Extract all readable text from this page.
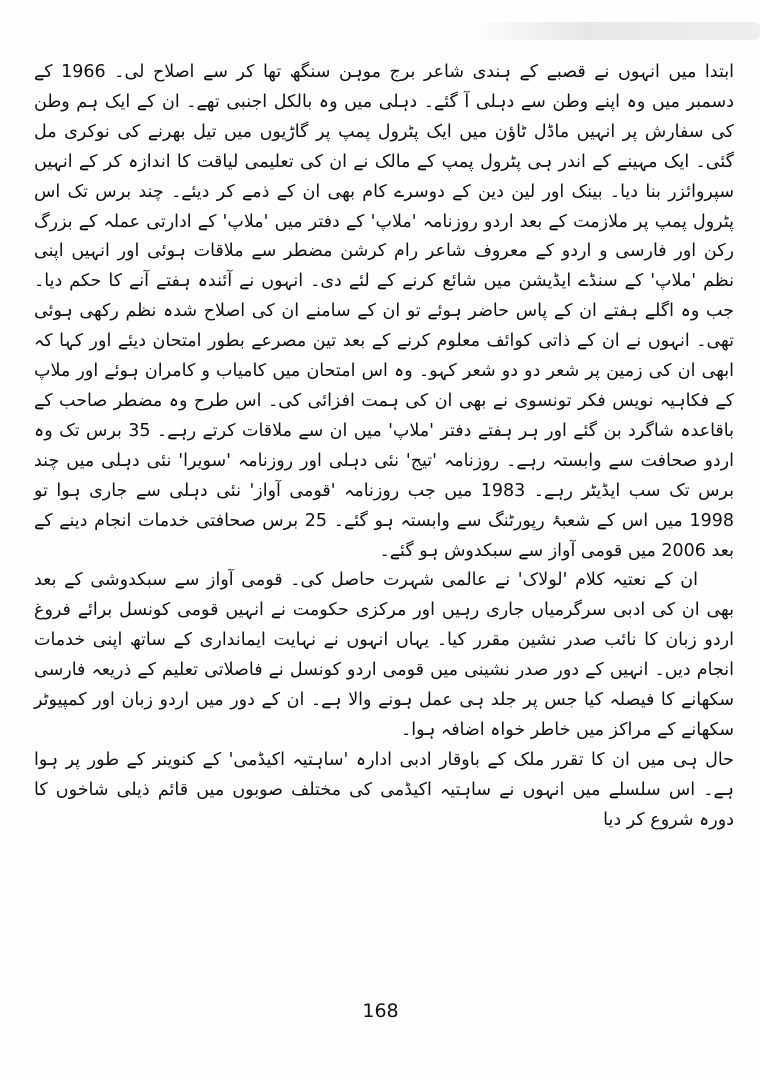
ابتدا میں انہوں نے قصبے کے ہندی شاعر برج موہن سنگھ تھا کر سے اصلاح لی۔ 1966 کے دسمبر میں وہ اپنے وطن سے دہلی آ گئے۔ دہلی میں وہ بالکل اجنبی تھے۔ ان کے ایک ہم وطن کی سفارش پر انہیں ماڈل ٹاؤن میں ایک پٹرول پمپ پر گاڑیوں میں تیل بھرنے کی نوکری مل گئی۔ ایک مہینے کے اندر ہی پٹرول پمپ کے مالک نے ان کی تعلیمی لیاقت کا اندازہ کر کے انہیں سپروائزر بنا دیا۔ بینک اور لین دین کے دوسرے کام بھی ان کے ذمے کر دیئے۔ چند برس تک اس پٹرول پمپ پر ملازمت کے بعد اردو روزنامہ 'ملاپ' کے دفتر میں 'ملاپ' کے ادارتی عملہ کے بزرگ رکن اور فارسی و اردو کے معروف شاعر رام کرشن مضطر سے ملاقات ہوئی اور انہیں اپنی نظم 'ملاپ' کے سنڈے ایڈیشن میں شائع کرنے کے لئے دی۔ انہوں نے آئندہ ہفتے آنے کا حکم دیا۔ جب وہ اگلے ہفتے ان کے پاس حاضر ہوئے تو ان کے سامنے ان کی اصلاح شدہ نظم رکھی ہوئی تھی۔ انہوں نے ان کے ذاتی کوائف معلوم کرنے کے بعد تین مصرعے بطور امتحان دیئے اور کہا کہ ابھی ان کی زمین پر شعر دو دو شعر کہو۔ وہ اس امتحان میں کامیاب و کامران ہوئے اور ملاپ کے فکاہیہ نویس فکر تونسوی نے بھی ان کی ہمت افزائی کی۔ اس طرح وہ مضطر صاحب کے باقاعدہ شاگرد بن گئے اور ہر ہفتے دفتر 'ملاپ' میں ان سے ملاقات کرتے رہے۔ 35 برس تک وہ اردو صحافت سے وابستہ رہے۔ روزنامہ 'تیج' نئی دہلی اور روزنامہ 'سویرا' نئی دہلی میں چند برس تک سب ایڈیٹر رہے۔ 1983 میں جب روزنامہ 'قومی آواز' نئی دہلی سے جاری ہوا تو 1998 میں اس کے شعبۂ رپورٹنگ سے وابستہ ہو گئے۔ 25 برس صحافتی خدمات انجام دینے کے بعد 2006 میں قومی آواز سے سبکدوش ہو گئے۔

ان کے نعتیہ کلام 'لولاک' نے عالمی شہرت حاصل کی۔ قومی آواز سے سبکدوشی کے بعد بھی ان کی ادبی سرگرمیاں جاری رہیں اور مرکزی حکومت نے انہیں قومی کونسل برائے فروغ اردو زبان کا نائب صدر نشین مقرر کیا۔ یہاں انہوں نے نہایت ایمانداری کے ساتھ اپنی خدمات انجام دیں۔ انہیں کے دور صدر نشینی میں قومی اردو کونسل نے فاصلاتی تعلیم کے ذریعہ فارسی سکھانے کا فیصلہ کیا جس پر جلد ہی عمل ہونے والا ہے۔ ان کے دور میں اردو زبان اور کمپیوٹر سکھانے کے مراکز میں خاطر خواہ اضافہ ہوا۔

حال ہی میں ان کا تقرر ملک کے باوقار ادبی ادارہ 'ساہتیہ اکیڈمی' کے کنوینر کے طور پر ہوا ہے۔ اس سلسلے میں انہوں نے ساہتیہ اکیڈمی کی مختلف صوبوں میں قائم ذیلی شاخوں کا دورہ شروع کر دیا

168
